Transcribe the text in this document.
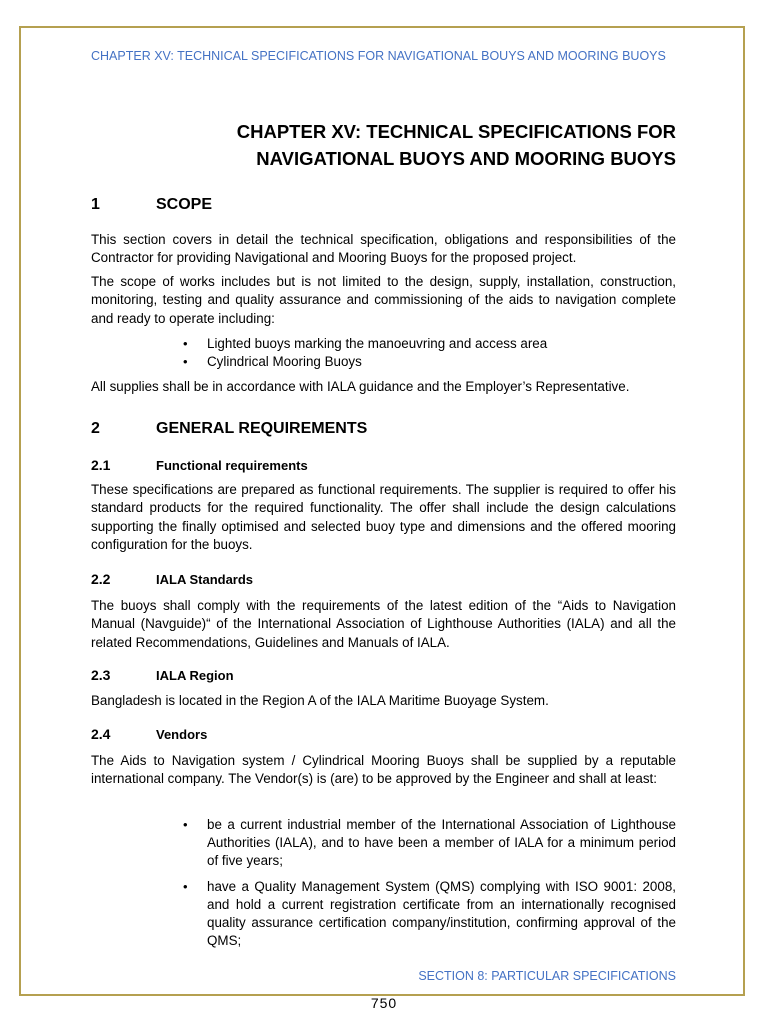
CHAPTER XV: TECHNICAL SPECIFICATIONS FOR NAVIGATIONAL BOUYS AND MOORING BUOYS
CHAPTER XV: TECHNICAL SPECIFICATIONS FOR
NAVIGATIONAL BUOYS AND MOORING BUOYS
1	SCOPE
This section covers in detail the technical specification, obligations and responsibilities of the Contractor for providing Navigational and Mooring Buoys for the proposed project.
The scope of works includes but is not limited to the design, supply, installation, construction, monitoring, testing and quality assurance and commissioning of the aids to navigation complete and ready to operate including:
• Lighted buoys marking the manoeuvring and access area
• Cylindrical Mooring Buoys
All supplies shall be in accordance with IALA guidance and the Employer’s Representative.
2	GENERAL REQUIREMENTS
2.1	Functional requirements
These specifications are prepared as functional requirements. The supplier is required to offer his standard products for the required functionality. The offer shall include the design calculations supporting the finally optimised and selected buoy type and dimensions and the offered mooring configuration for the buoys.
2.2	IALA Standards
The buoys shall comply with the requirements of the latest edition of the “Aids to Navigation Manual (Navguide)“ of the International Association of Lighthouse Authorities (IALA) and all the related Recommendations, Guidelines and Manuals of IALA.
2.3	IALA Region
Bangladesh is located in the Region A of the IALA Maritime Buoyage System.
2.4	Vendors
The Aids to Navigation system / Cylindrical Mooring Buoys shall be supplied by a reputable international company. The Vendor(s) is (are) to be approved by the Engineer and shall at least:
• be a current industrial member of the International Association of Lighthouse Authorities (IALA), and to have been a member of IALA for a minimum period of five years;
• have a Quality Management System (QMS) complying with ISO 9001: 2008, and hold a current registration certificate from an internationally recognised quality assurance certification company/institution, confirming approval of the QMS;
SECTION 8: PARTICULAR SPECIFICATIONS
750
